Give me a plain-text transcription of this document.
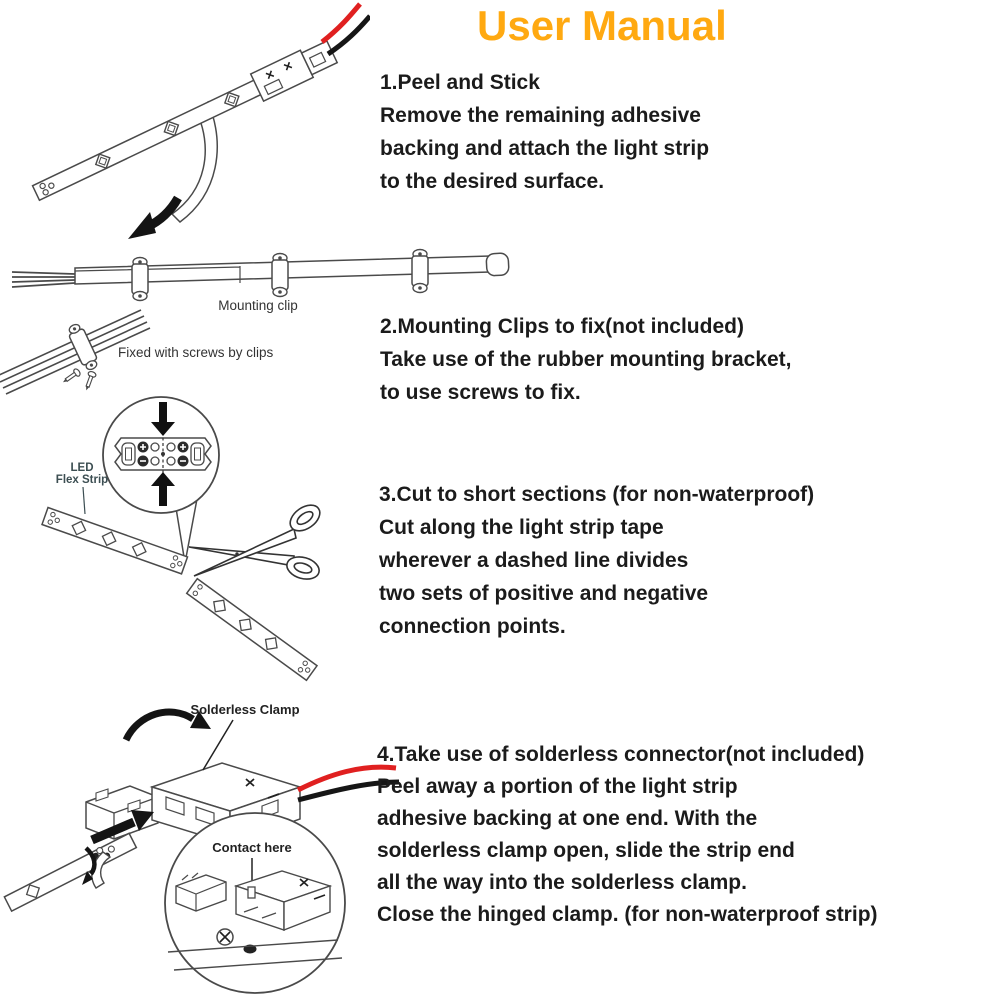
User Manual
Mounting clip
Fixed with screws by clips
LED
Flex Strip
Solderless Clamp
Contact here
1.Peel and Stick
Remove the remaining adhesive
backing and attach the light strip
to the desired surface.
2.Mounting Clips to fix(not included)
Take use of the rubber mounting bracket,
to use screws to fix.
3.Cut to short sections (for non-waterproof)
Cut along the light strip tape
wherever a dashed line divides
two sets of positive and negative
connection points.
4.Take use of solderless connector(not included)
Peel away a portion of the light strip
adhesive backing at one end. With the
solderless clamp open, slide the strip end
all the way into the solderless clamp.
Close the hinged clamp. (for non-waterproof strip)
